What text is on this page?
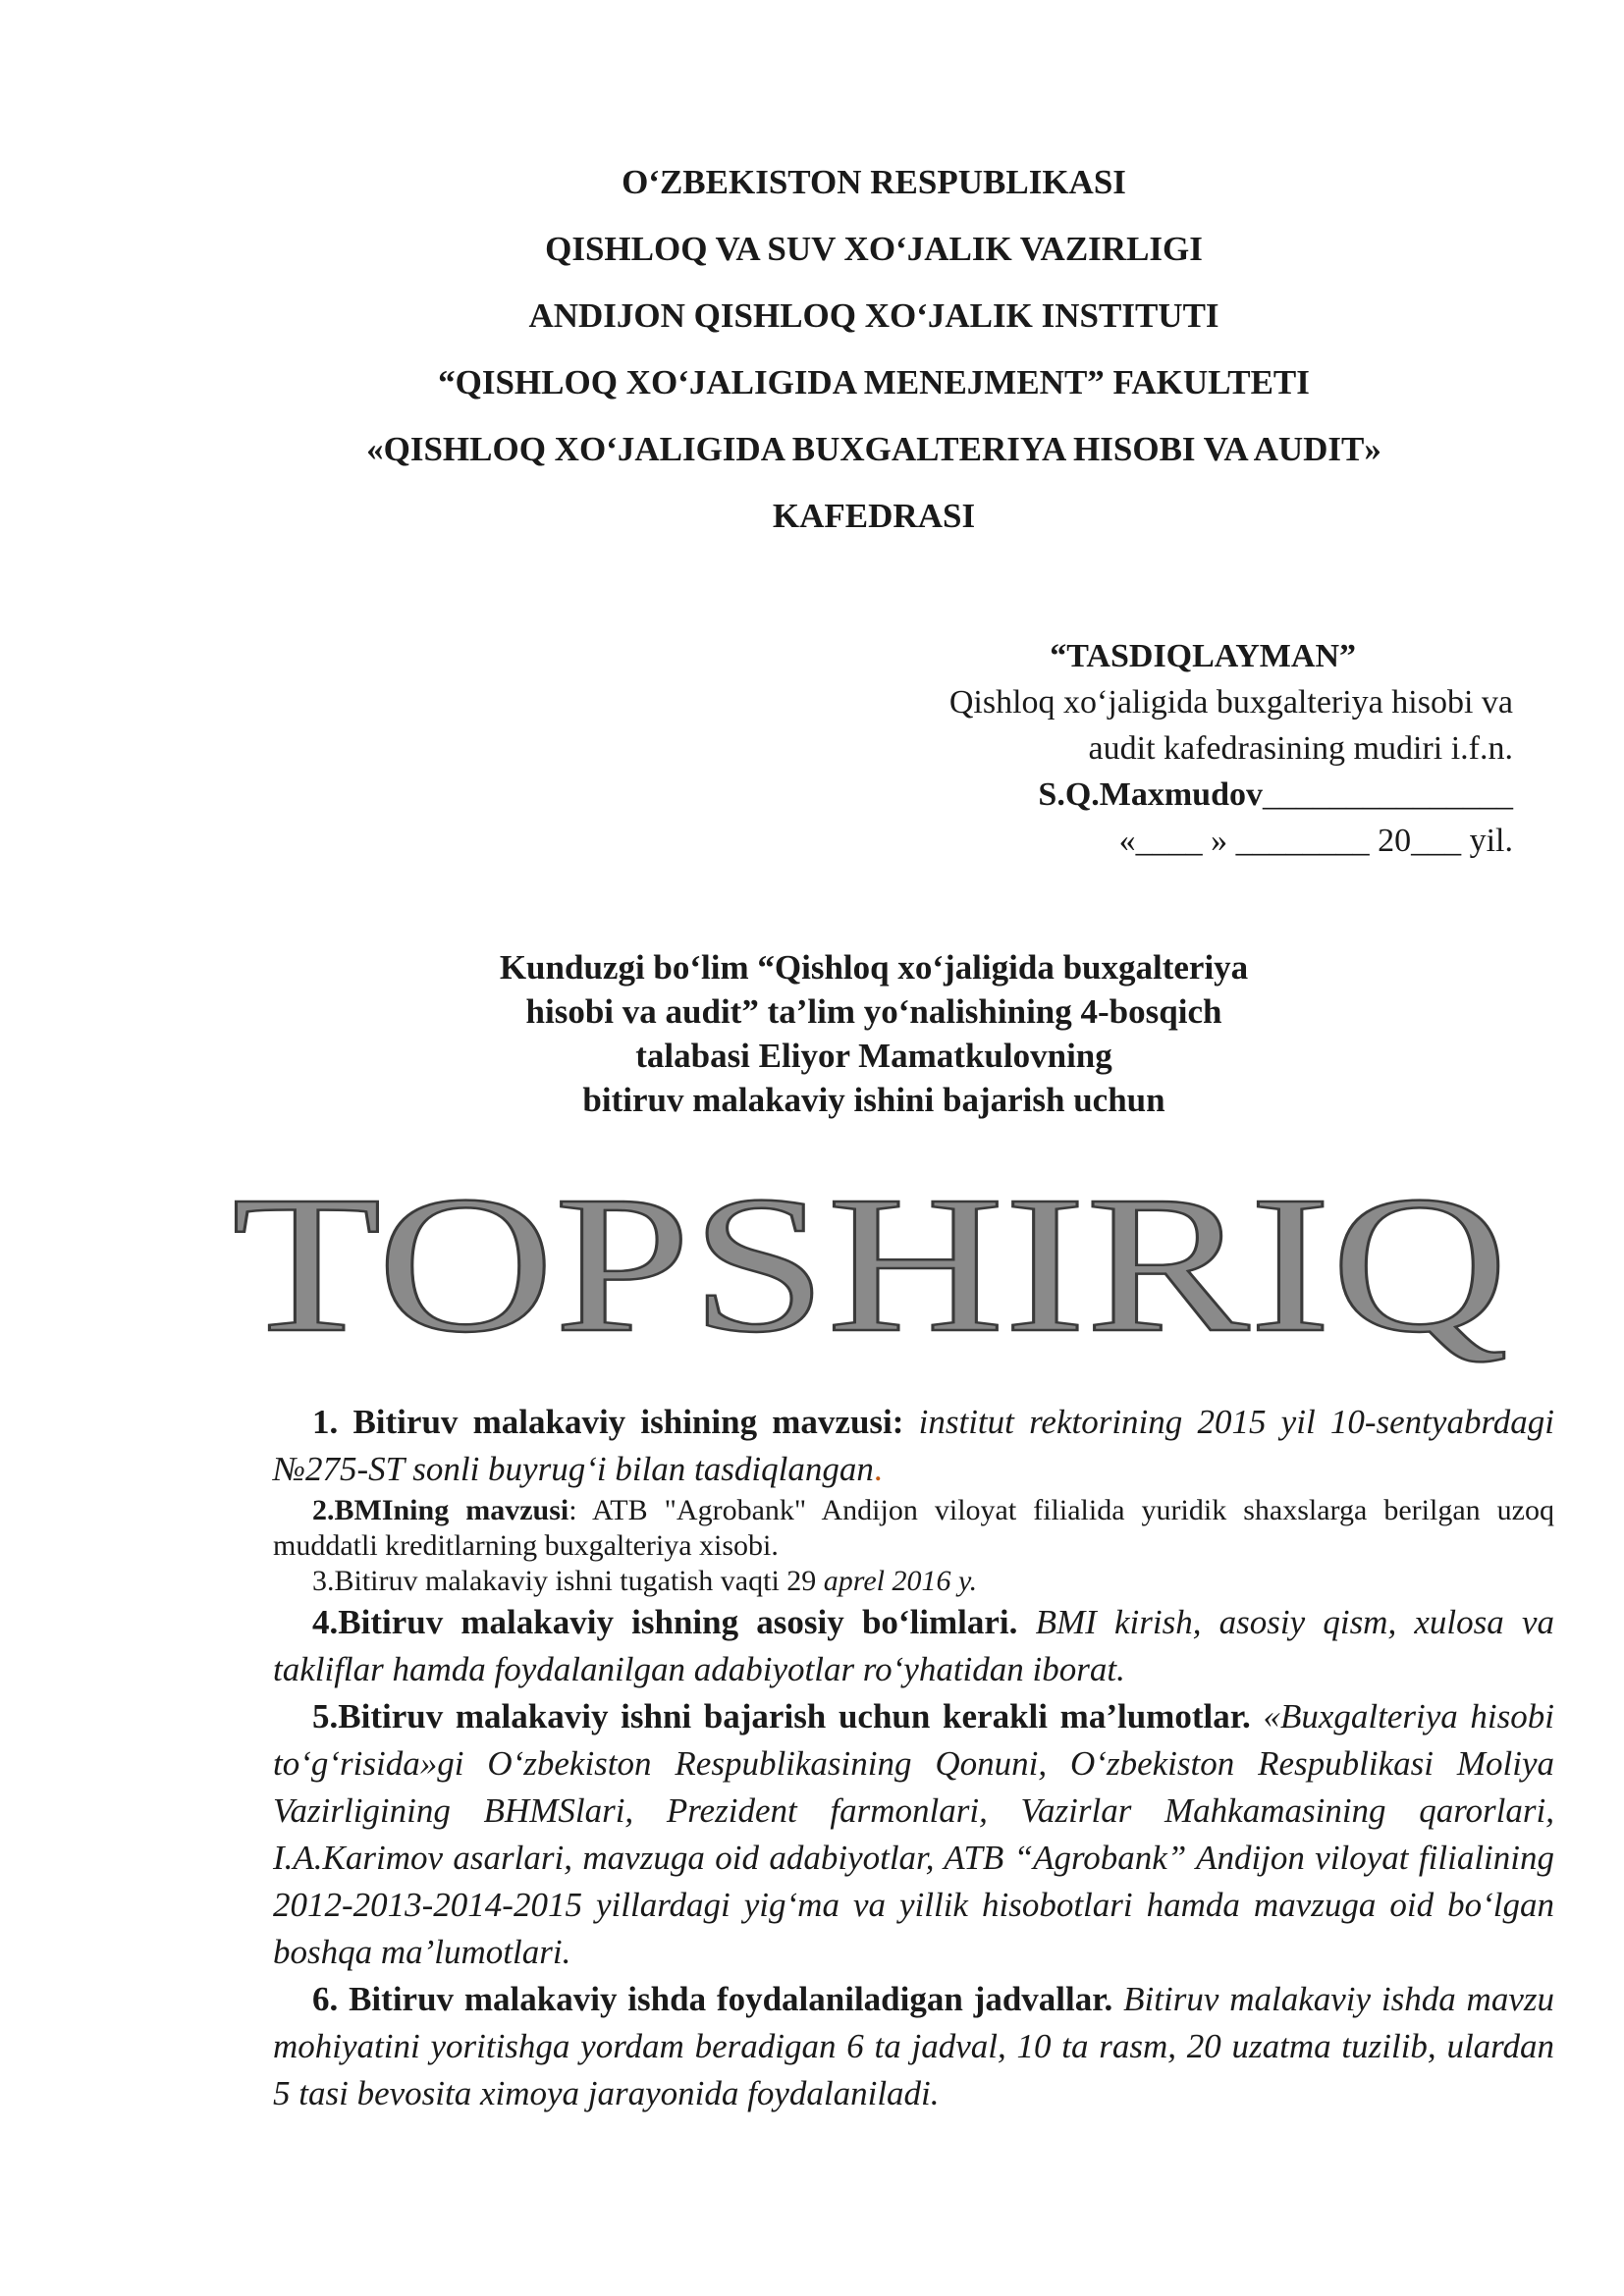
O‘ZBEKISTON RESPUBLIKASI
QISHLOQ VA SUV XO‘JALIK VAZIRLIGI
ANDIJON QISHLOQ XO‘JALIK INSTITUTI
“QISHLOQ XO‘JALIGIDA MENEJMENT” FAKULTETI
«QISHLOQ XO‘JALIGIDA BUXGALTERIYA HISOBI VA AUDIT»
KAFEDRASI
“TASDIQLAYMAN”
Qishloq xo‘jaligida buxgalteriya hisobi va
audit kafedrasining mudiri i.f.n.
S.Q.Maxmudov_______________
«____ » ________ 20___ yil.
Kunduzgi bo‘lim “Qishloq xo‘jaligida buxgalteriya
hisobi va audit” ta’lim yo‘nalishining 4-bosqich
talabasi Eliyor Mamatkulovning
bitiruv malakaviy ishini bajarish uchun
TOPSHIRIQ
1. Bitiruv malakaviy ishining mavzusi: institut rektorining 2015 yil 10-sentyabrdagi №275-ST sonli buyrug‘i bilan tasdiqlangan.
2.BMIning mavzusi: ATB "Agrobank" Andijon viloyat filialida yuridik shaxslarga berilgan uzoq muddatli kreditlarning buxgalteriya xisobi.
3.Bitiruv malakaviy ishni tugatish vaqti 29 aprel 2016 y.
4.Bitiruv malakaviy ishning asosiy bo‘limlari. BMI kirish, asosiy qism, xulosa va takliflar hamda foydalanilgan adabiyotlar ro‘yhatidan iborat.
5.Bitiruv malakaviy ishni bajarish uchun kerakli ma’lumotlar. «Buxgalteriya hisobi to‘g‘risida»gi O‘zbekiston Respublikasining Qonuni, O‘zbekiston Respublikasi Moliya Vazirligining BHMSlari, Prezident farmonlari, Vazirlar Mahkamasining qarorlari, I.A.Karimov asarlari, mavzuga oid adabiyotlar, ATB “Agrobank” Andijon viloyat filialining 2012-2013-2014-2015 yillardagi yig‘ma va yillik hisobotlari hamda mavzuga oid bo‘lgan boshqa ma’lumotlari.
6. Bitiruv malakaviy ishda foydalaniladigan jadvallar. Bitiruv malakaviy ishda mavzu mohiyatini yoritishga yordam beradigan 6 ta jadval, 10 ta rasm, 20 uzatma tuzilib, ulardan 5 tasi bevosita ximoya jarayonida foydalaniladi.
